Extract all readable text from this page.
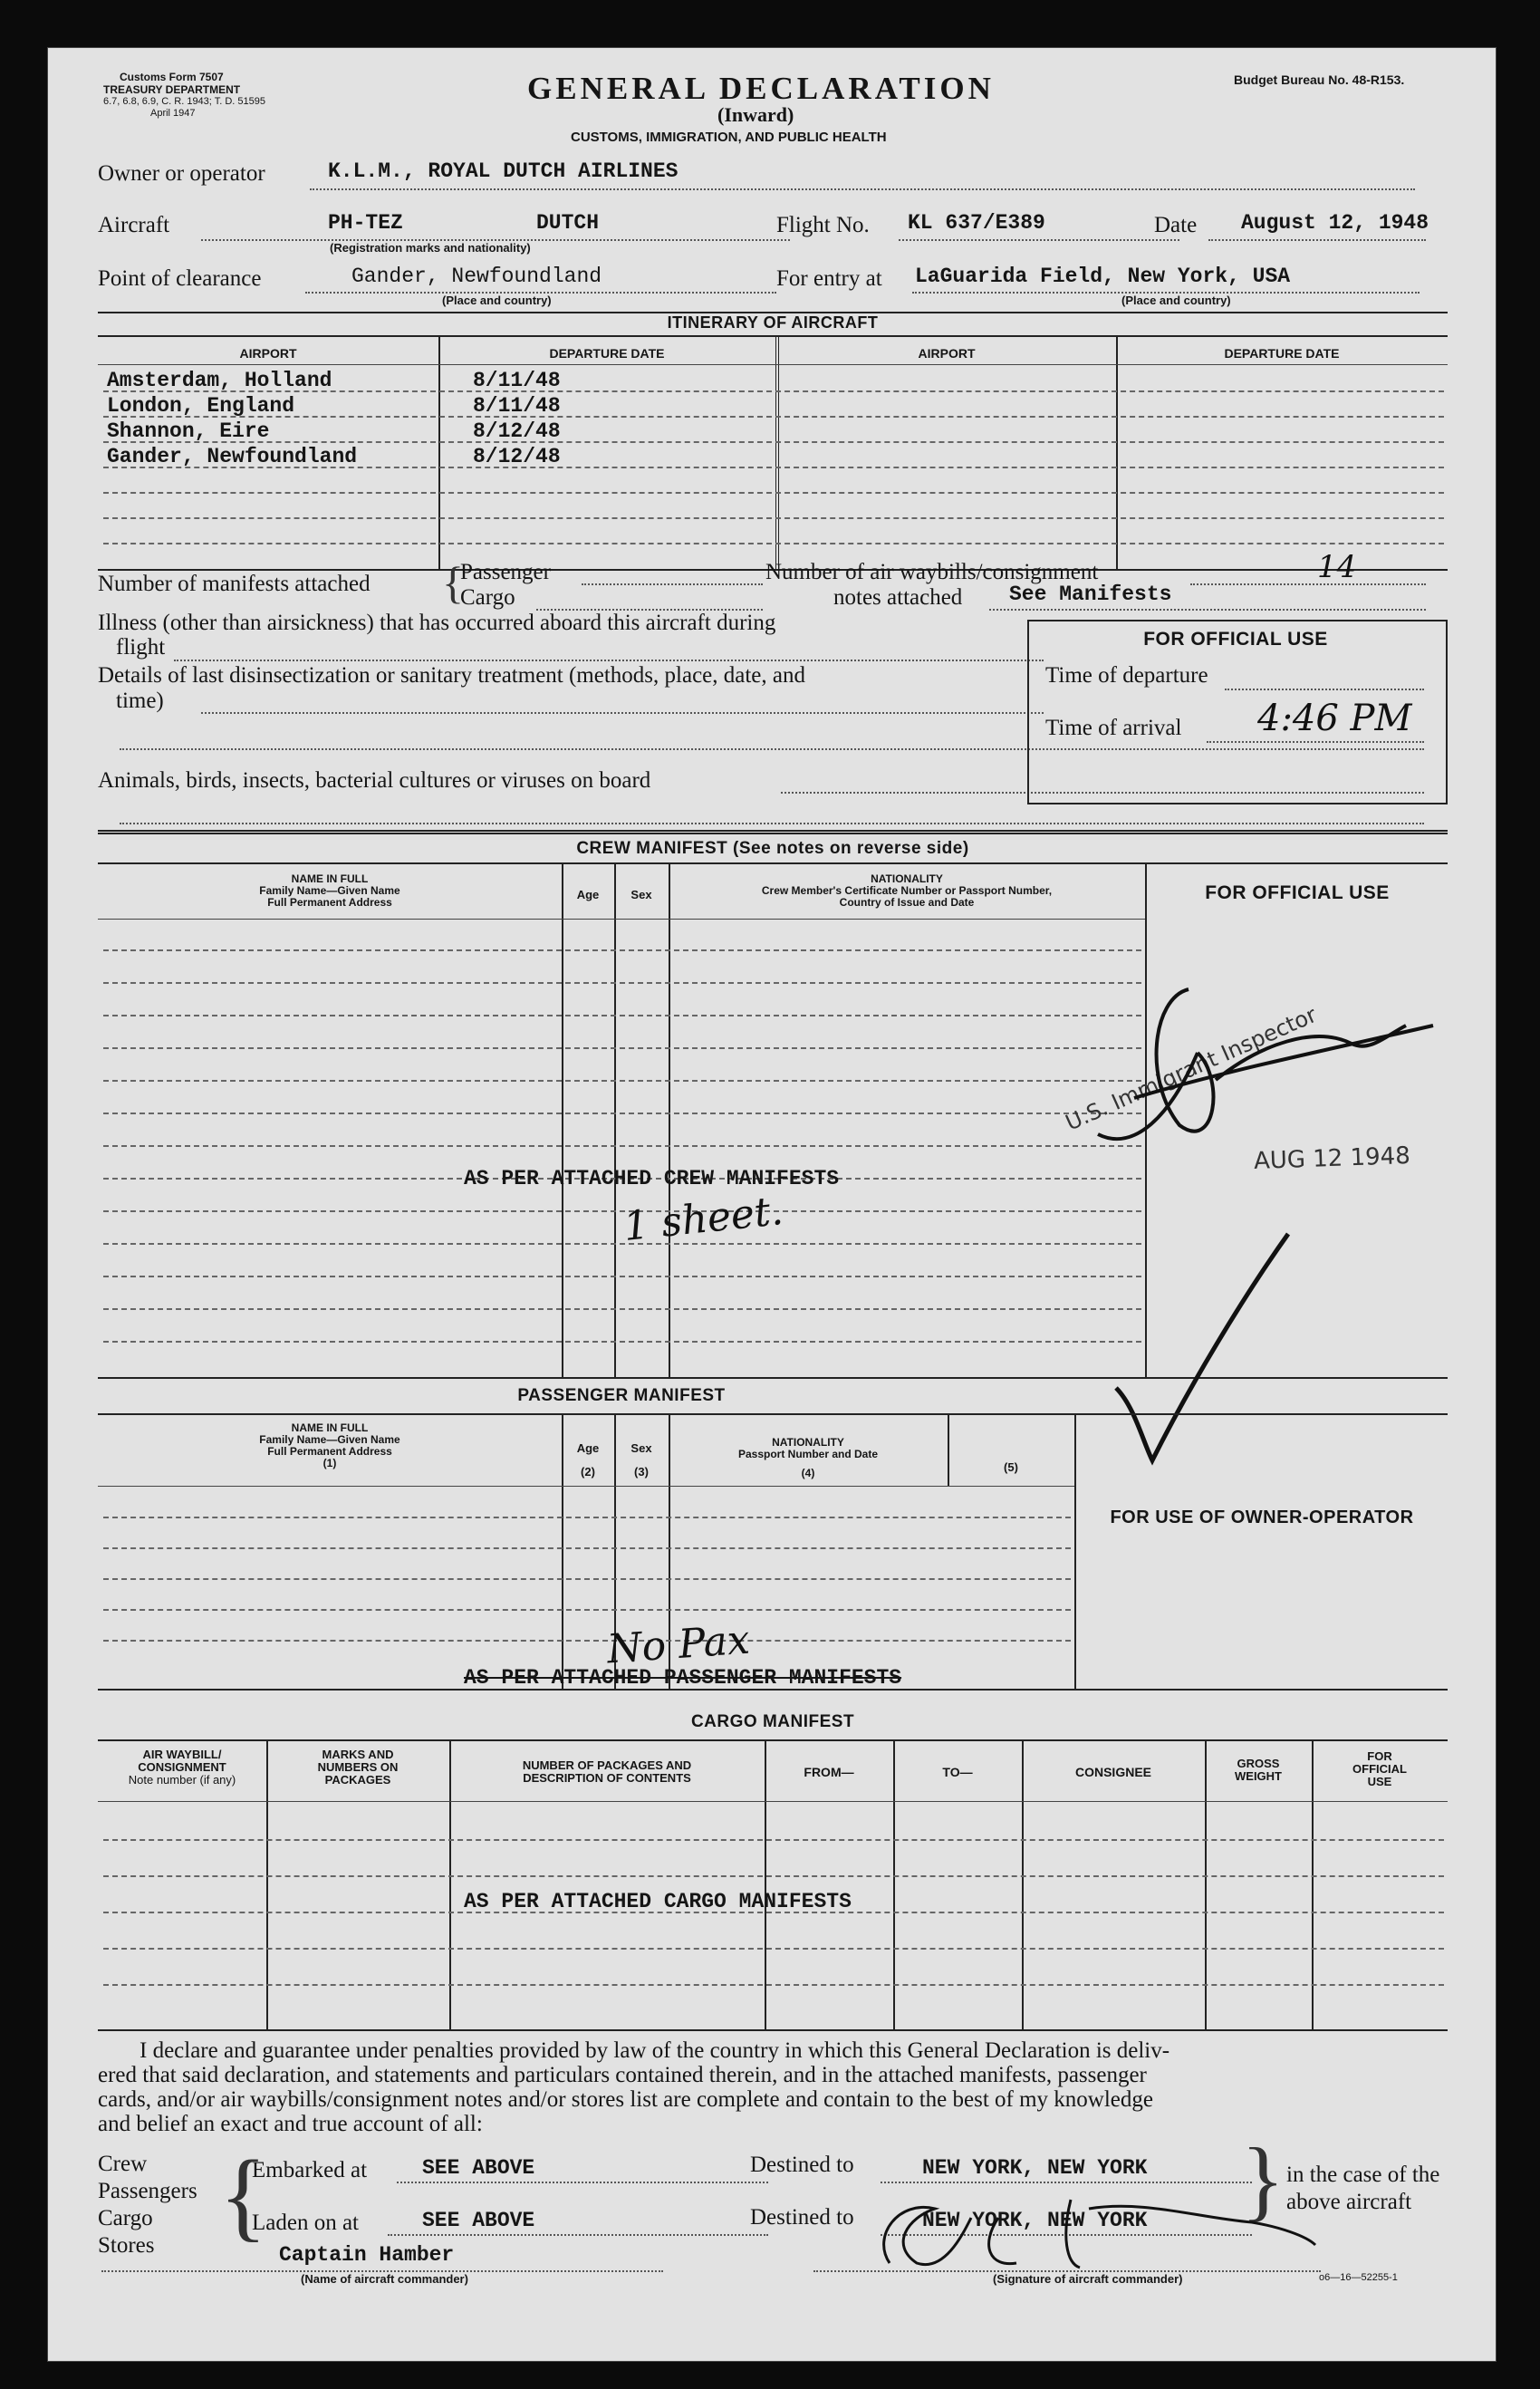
Customs Form 7507
TREASURY DEPARTMENT
6.7, 6.8, 6.9, C. R. 1943; T. D. 51595
April 1947
GENERAL DECLARATION
(Inward)
CUSTOMS, IMMIGRATION, AND PUBLIC HEALTH
Budget Bureau No. 48-R153.
Owner or operator	K.L.M., ROYAL DUTCH AIRLINES
Aircraft	PH-TEZ	DUTCH
(Registration marks and nationality)
Flight No. KL 637/E389	Date August 12, 1948
Point of clearance	Gander, Newfoundland
(Place and country)
For entry at LaGuarida Field, New York, USA
(Place and country)
ITINERARY OF AIRCRAFT
AIRPORT	DEPARTURE DATE	AIRPORT	DEPARTURE DATE
Amsterdam, Holland	8/11/48
London, England	8/11/48
Shannon, Eire	8/12/48
Gander, Newfoundland	8/12/48
Number of manifests attached {
Passenger
Cargo
Number of air waybills/consignment	14
notes attached See Manifests
Illness (other than airsickness) that has occurred aboard this aircraft during
flight
Details of last disinsectization or sanitary treatment (methods, place, date, and
time)
Animals, birds, insects, bacterial cultures or viruses on board
FOR OFFICIAL USE
Time of departure
Time of arrival 4:46 PM
CREW MANIFEST (See notes on reverse side)
NAME IN FULL
Family Name—Given Name
Full Permanent Address
Age	Sex
NATIONALITY
Crew Member's Certificate Number or Passport Number,
Country of Issue and Date	FOR OFFICIAL USE
AS PER ATTACHED CREW MANIFESTS
1 sheet.
U.S. Immigrant Inspector
AUG 12 1948
PASSENGER MANIFEST
NAME IN FULL
Family Name—Given Name
Full Permanent Address
(1)
Age
(2)
Sex
(3)
NATIONALITY
Passport Number and Date
(4)	(5)
FOR USE OF OWNER-OPERATOR
AS PER ATTACHED PASSENGER MANIFESTS
No Pax
CARGO MANIFEST
AIR WAYBILL/
CONSIGNMENT
Note number (if any)
MARKS AND
NUMBERS ON
PACKAGES
NUMBER OF PACKAGES AND
DESCRIPTION OF CONTENTS	FROM—	TO—	CONSIGNEE
GROSS
WEIGHT
FOR
OFFICIAL
USE
AS PER ATTACHED CARGO MANIFESTS
I declare and guarantee under penalties provided by law of the country in which this General Declaration is deliv-
ered that said declaration, and statements and particulars contained therein, and in the attached manifests, passenger
cards, and/or air waybills/consignment notes and/or stores list are complete and contain to the best of my knowledge
and belief an exact and true account of all:
Crew
Passengers
Cargo
Stores {
Embarked at	SEE ABOVE
Laden on at	SEE ABOVE
Destined to	NEW YORK, NEW YORK
Destined to	NEW YORK, NEW YORK } in the case of the
above aircraft
Captain Hamber
(Name of aircraft commander)	(Signature of aircraft commander)	o6—16—52255-1
